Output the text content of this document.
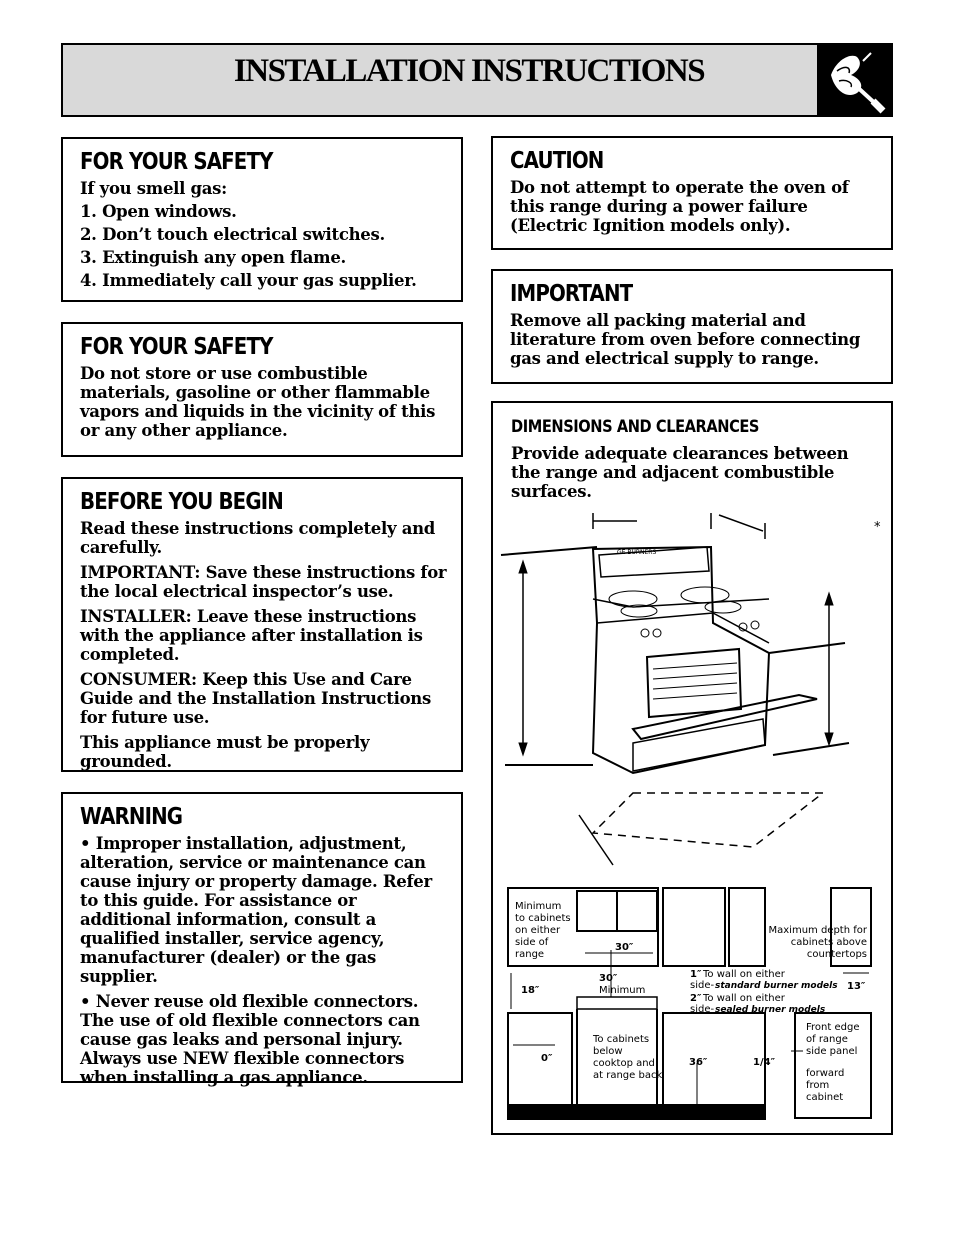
INSTALLATION INSTRUCTIONS
FOR YOUR SAFETY

If you smell gas:

1. Open windows.
2. Don’t touch electrical switches.
3. Extinguish any open flame.
4. Immediately call your gas supplier.
FOR YOUR SAFETY

Do not store or use combustible materials, gasoline or other flammable vapors and liquids in the vicinity of this or any other appliance.

BEFORE YOU BEGIN

Read these instructions completely and carefully.

IMPORTANT: Save these instructions for the local electrical inspector’s use.

INSTALLER: Leave these instructions with the appliance after installation is completed.

CONSUMER: Keep this Use and Care Guide and the Installation Instructions for future use.

This appliance must be properly grounded.

WARNING

• Improper installation, adjustment, alteration, service or maintenance can cause injury or property damage. Refer to this guide. For assistance or additional information, consult a qualified installer, service agency, manufacturer (dealer) or the gas supplier.

• Never reuse old flexible connectors. The use of old flexible connectors can cause gas leaks and personal injury. Always use NEW flexible connectors when installing a gas appliance.

CAUTION

Do not attempt to operate the oven of this range during a power failure (Electric Ignition models only).

IMPORTANT

Remove all packing material and literature from oven before connecting gas and electrical supply to range.

DIMENSIONS AND CLEARANCES

Provide adequate clearances between the range and adjacent combustible surfaces.

*
GE BURNERS
Minimum
to cabinets
on either
side of
range
30″
30″
Minimum
18″
1″ To wall on either
side- standard burner models
2″ To wall on either
side- sealed burner models
Maximum depth for
cabinets above
countertops
13″
0″
To cabinets
below
cooktop and
at range back
36″	1/4″
Front edge
of range
side panel
forward
from
cabinet
